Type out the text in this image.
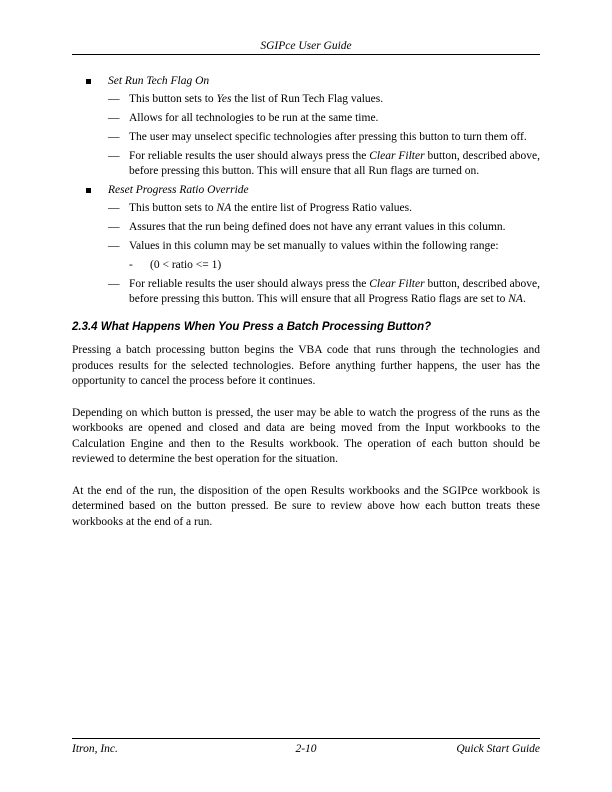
SGIPce User Guide
Set Run Tech Flag On
— This button sets to Yes the list of Run Tech Flag values.
— Allows for all technologies to be run at the same time.
— The user may unselect specific technologies after pressing this button to turn them off.
— For reliable results the user should always press the Clear Filter button, described above, before pressing this button. This will ensure that all Run flags are turned on.
Reset Progress Ratio Override
— This button sets to NA the entire list of Progress Ratio values.
— Assures that the run being defined does not have any errant values in this column.
— Values in this column may be set manually to values within the following range:
- (0 < ratio <= 1)
— For reliable results the user should always press the Clear Filter button, described above, before pressing this button. This will ensure that all Progress Ratio flags are set to NA.
2.3.4 What Happens When You Press a Batch Processing Button?

Pressing a batch processing button begins the VBA code that runs through the technologies and produces results for the selected technologies. Before anything further happens, the user has the opportunity to cancel the process before it continues.

Depending on which button is pressed, the user may be able to watch the progress of the runs as the workbooks are opened and closed and data are being moved from the Input workbooks to the Calculation Engine and then to the Results workbook. The operation of each button should be reviewed to determine the best operation for the situation.

At the end of the run, the disposition of the open Results workbooks and the SGIPce workbook is determined based on the button pressed. Be sure to review above how each button treats these workbooks at the end of a run.

Itron, Inc.	2-10	Quick Start Guide
